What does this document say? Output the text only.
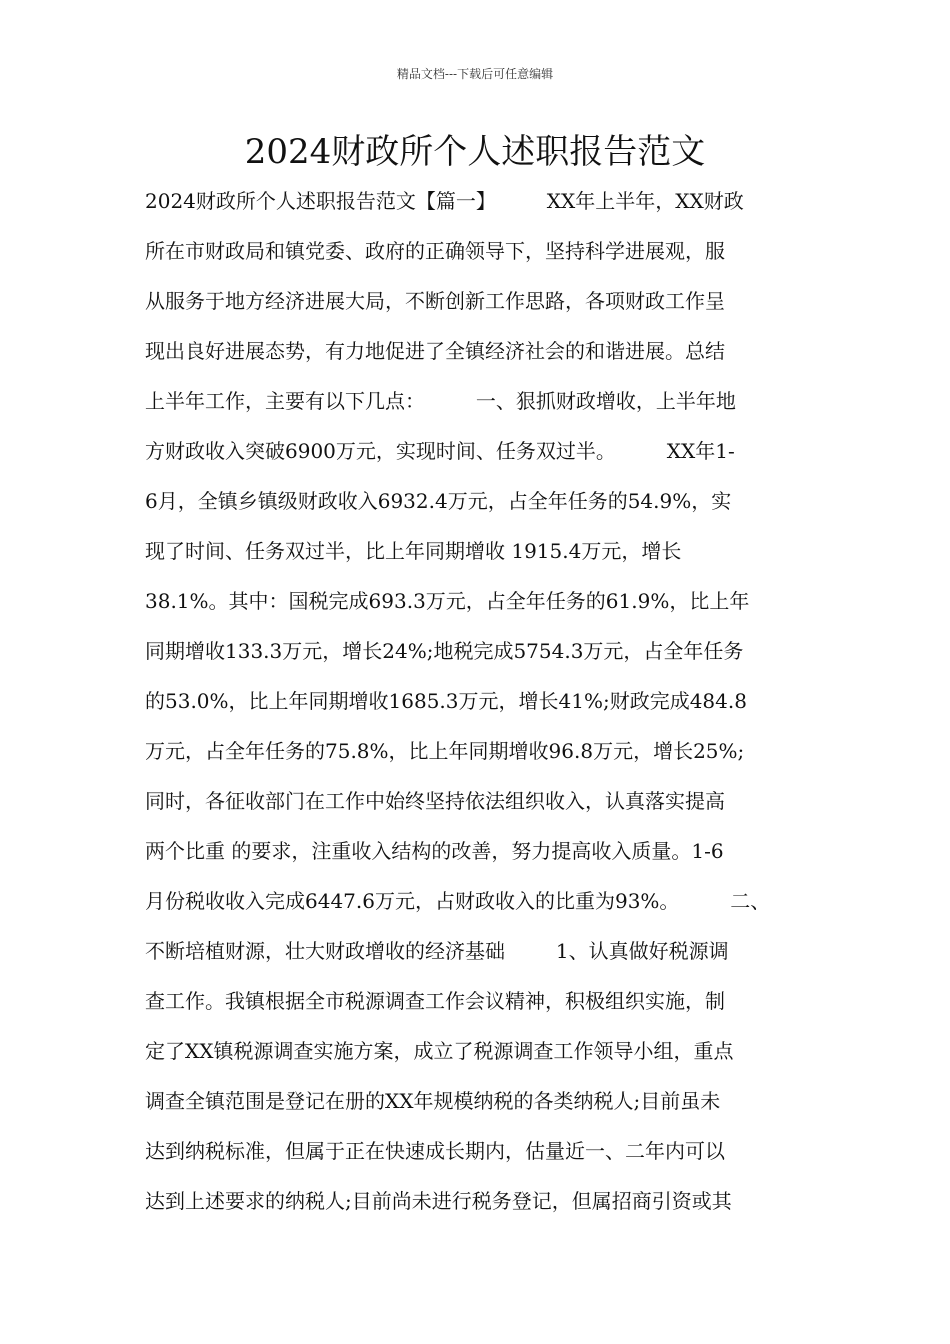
精品文档---下载后可任意编辑
2024财政所个人述职报告范文
2024财政所个人述职报告范文【篇一】        XX年上半年，XX财政
所在市财政局和镇党委、政府的正确领导下，坚持科学进展观，服
从服务于地方经济进展大局，不断创新工作思路，各项财政工作呈
现出良好进展态势，有力地促进了全镇经济社会的和谐进展。总结
上半年工作，主要有以下几点：        一、狠抓财政增收，上半年地
方财政收入突破6900万元，实现时间、任务双过半。        XX年1-
6月，全镇乡镇级财政收入6932.4万元，占全年任务的54.9%，实
现了时间、任务双过半，比上年同期增收 1915.4万元，增长
38.1%。其中：国税完成693.3万元，占全年任务的61.9%，比上年
同期增收133.3万元，增长24%;地税完成5754.3万元，占全年任务
的53.0%，比上年同期增收1685.3万元，增长41%;财政完成484.8
万元，占全年任务的75.8%，比上年同期增收96.8万元，增长25%;
同时，各征收部门在工作中始终坚持依法组织收入，认真落实提高
两个比重 的要求，注重收入结构的改善，努力提高收入质量。1-6
月份税收收入完成6447.6万元，占财政收入的比重为93%。        二、
不断培植财源，壮大财政增收的经济基础        1、认真做好税源调
查工作。我镇根据全市税源调查工作会议精神，积极组织实施，制
定了XX镇税源调查实施方案，成立了税源调查工作领导小组，重点
调查全镇范围是登记在册的XX年规模纳税的各类纳税人;目前虽未
达到纳税标准，但属于正在快速成长期内，估量近一、二年内可以
达到上述要求的纳税人;目前尚未进行税务登记，但属招商引资或其
